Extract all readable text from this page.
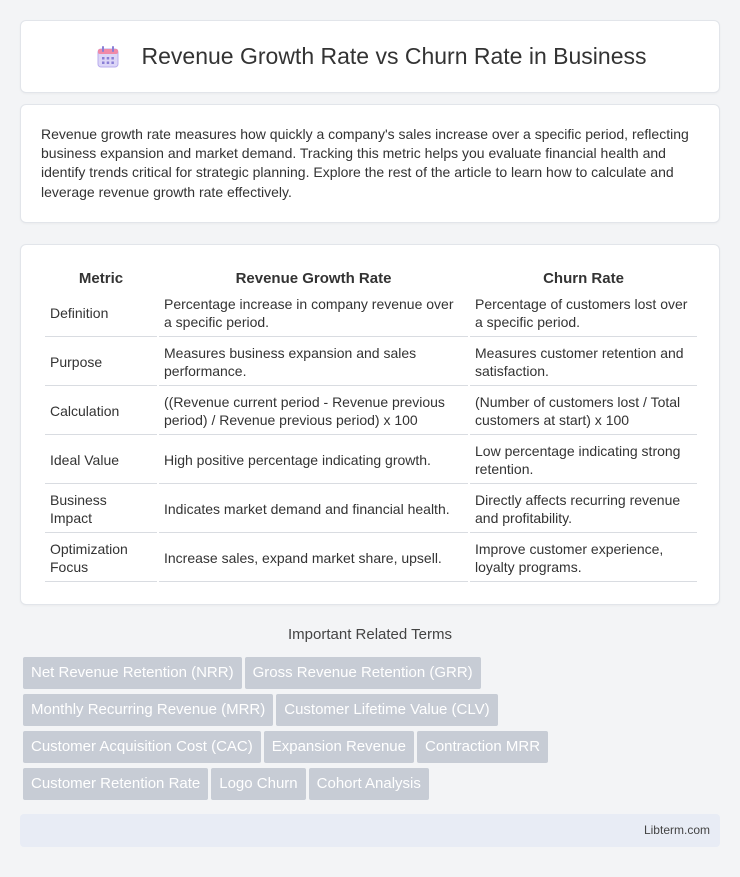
Revenue Growth Rate vs Churn Rate in Business

Revenue growth rate measures how quickly a company's sales increase over a specific period, reflecting business expansion and market demand. Tracking this metric helps you evaluate financial health and identify trends critical for strategic planning. Explore the rest of the article to learn how to calculate and leverage revenue growth rate effectively.

Metric	Revenue Growth Rate	Churn Rate
Definition	Percentage increase in company revenue over a specific period.	Percentage of customers lost over a specific period.
Purpose	Measures business expansion and sales performance.	Measures customer retention and satisfaction.
Calculation	((Revenue current period - Revenue previous period) / Revenue previous period) x 100	(Number of customers lost / Total customers at start) x 100
Ideal Value	High positive percentage indicating growth.	Low percentage indicating strong retention.
Business Impact	Indicates market demand and financial health.	Directly affects recurring revenue and profitability.
Optimization Focus	Increase sales, expand market share, upsell.	Improve customer experience, loyalty programs.
Important Related Terms
Net Revenue Retention (NRR) Gross Revenue Retention (GRR)
Monthly Recurring Revenue (MRR) Customer Lifetime Value (CLV)
Customer Acquisition Cost (CAC) Expansion Revenue Contraction MRR
Customer Retention Rate Logo Churn Cohort Analysis
Libterm.com
